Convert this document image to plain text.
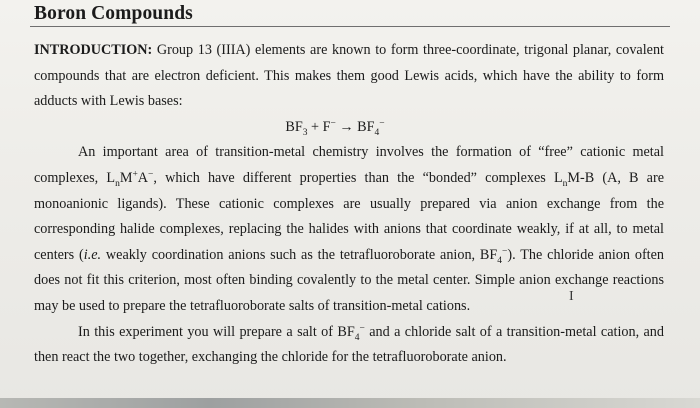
Boron Compounds

INTRODUCTION: Group 13 (IIIA) elements are known to form three-coordinate, trigonal planar, covalent compounds that are electron deficient. This makes them good Lewis acids, which have the ability to form adducts with Lewis bases:

$BF_3 + F^- \to BF_4^-$

An important area of transition-metal chemistry involves the formation of “free” cationic metal complexes, $L_nM^+A^-$, which have different properties than the “bonded” complexes $L_nM-B$ (A, B are monoanionic ligands). These cationic complexes are usually prepared via anion exchange from the corresponding halide complexes, replacing the halides with anions that coordinate weakly, if at all, to metal centers (i.e. weakly coordination anions such as the tetrafluoroborate anion, $BF_4^-$). The chloride anion often does not fit this criterion, most often binding covalently to the metal center. Simple anion exchange reactions may be used to prepare the tetrafluoroborate salts of transition-metal cations.

In this experiment you will prepare a salt of $BF_4^-$ and a chloride salt of a transition-metal cation, and then react the two together, exchanging the chloride for the tetrafluoroborate anion.

I
